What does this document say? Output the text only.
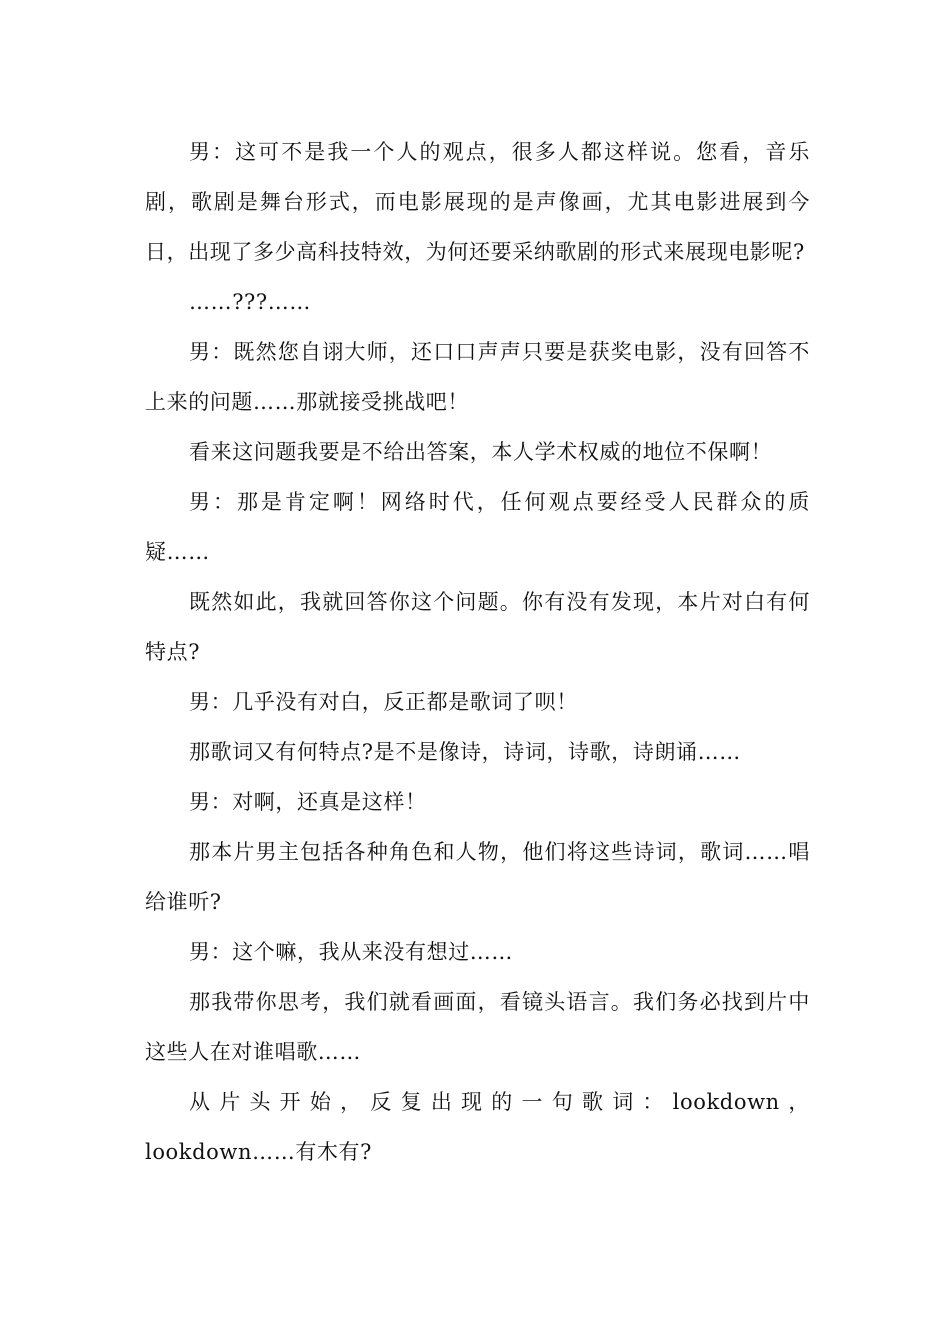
男：这可不是我一个人的观点，很多人都这样说。您看，音乐剧，歌剧是舞台形式，而电影展现的是声像画，尤其电影进展到今日，出现了多少高科技特效，为何还要采纳歌剧的形式来展现电影呢?

……???……

男：既然您自诩大师，还口口声声只要是获奖电影，没有回答不上来的问题……那就接受挑战吧！

看来这问题我要是不给出答案，本人学术权威的地位不保啊！

男：那是肯定啊！网络时代，任何观点要经受人民群众的质疑……

既然如此，我就回答你这个问题。你有没有发现，本片对白有何特点?

男：几乎没有对白，反正都是歌词了呗！

那歌词又有何特点?是不是像诗，诗词，诗歌，诗朗诵……

男：对啊，还真是这样！

那本片男主包括各种角色和人物，他们将这些诗词，歌词……唱给谁听?

男：这个嘛，我从来没有想过……

那我带你思考，我们就看画面，看镜头语言。我们务必找到片中这些人在对谁唱歌……

从片头开始，反复出现的一句歌词：lookdown，lookdown……有木有?
